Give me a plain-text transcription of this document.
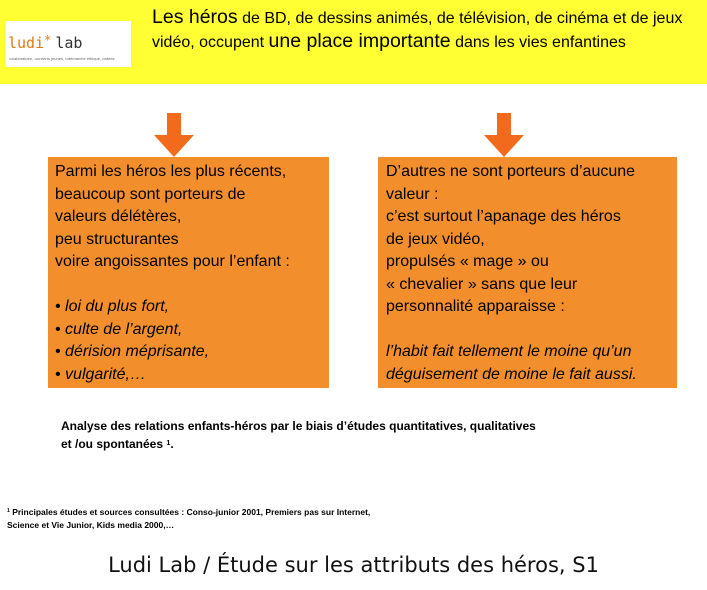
ludi* lab
•••laboratoire, ••univers jeunes, ••démarche éthique, ••idées
Les héros de BD, de dessins animés, de télévision, de cinéma et de jeux vidéo, occupent une place importante dans les vies enfantines
Parmi les héros les plus récents,
beaucoup sont porteurs de
valeurs délétères,
peu structurantes
voire angoissantes pour l’enfant :
• loi du plus fort,
• culte de l’argent,
• dérision méprisante,
• vulgarité,…
D’autres ne sont porteurs d’aucune
valeur :
c’est surtout l’apanage des héros
de jeux vidéo,
propulsés « mage » ou
« chevalier » sans que leur
personnalité apparaisse :
l’habit fait tellement le moine qu’un
déguisement de moine le fait aussi.
Analyse des relations enfants-héros par le biais d’études quantitatives, qualitatives
et /ou spontanées $^1$.
$^1$ Principales études et sources consultées : Conso-junior 2001, Premiers pas sur Internet,
Science et Vie Junior, Kids media 2000,…
Ludi Lab / Étude sur les attributs des héros, S1
